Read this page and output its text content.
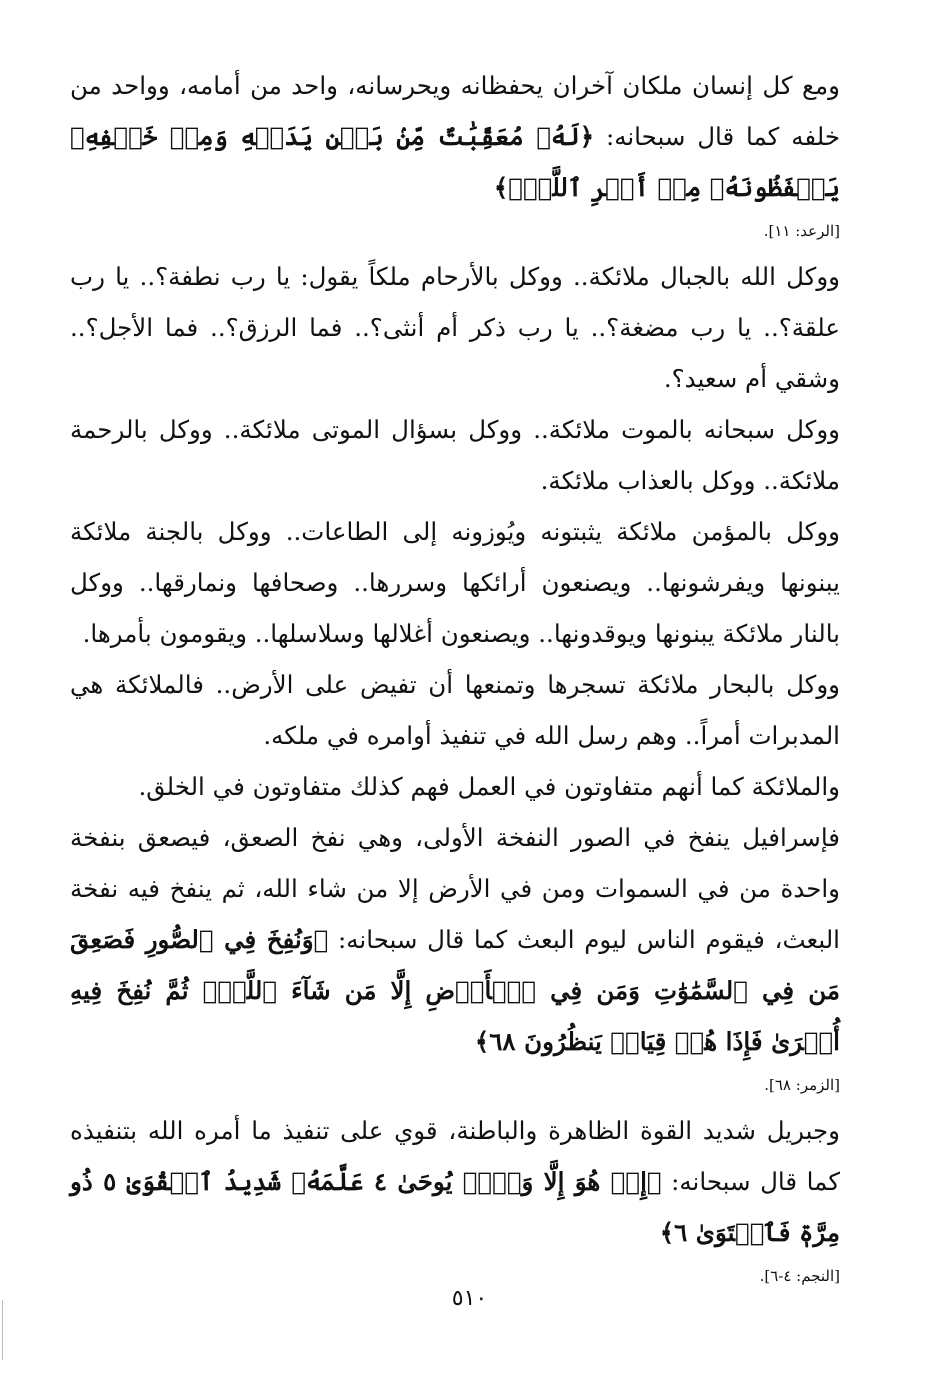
ومع كل إنسان ملكان آخران يحفظانه ويحرسانه، واحد من أمامه، وواحد من خلفه كما قال سبحانه: ﴿لَهُۥ مُعَقِّبَٰتٌ مِّنۢ بَيۡنِ يَدَيۡهِ وَمِنۡ خَلۡفِهِۦ يَحۡفَظُونَهُۥ مِنۡ أَمۡرِ ٱللَّهِۗ﴾

[الرعد: ١١].

ووكل الله بالجبال ملائكة.. ووكل بالأرحام ملكاً يقول: يا رب نطفة؟.. يا رب علقة؟.. يا رب مضغة؟.. يا رب ذكر أم أنثى؟.. فما الرزق؟.. فما الأجل؟.. وشقي أم سعيد؟.

ووكل سبحانه بالموت ملائكة.. ووكل بسؤال الموتى ملائكة.. ووكل بالرحمة ملائكة.. ووكل بالعذاب ملائكة.

ووكل بالمؤمن ملائكة يثبتونه ويُوزونه إلى الطاعات.. ووكل بالجنة ملائكة يبنونها ويفرشونها.. ويصنعون أرائكها وسررها.. وصحافها ونمارقها.. ووكل بالنار ملائكة يبنونها ويوقدونها.. ويصنعون أغلالها وسلاسلها.. ويقومون بأمرها.

ووكل بالبحار ملائكة تسجرها وتمنعها أن تفيض على الأرض.. فالملائكة هي المدبرات أمراً.. وهم رسل الله في تنفيذ أوامره في ملكه.

والملائكة كما أنهم متفاوتون في العمل فهم كذلك متفاوتون في الخلق.

فإسرافيل ينفخ في الصور النفخة الأولى، وهي نفخ الصعق، فيصعق بنفخة واحدة من في السموات ومن في الأرض إلا من شاء الله، ثم ينفخ فيه نفخة البعث، فيقوم الناس ليوم البعث كما قال سبحانه: ﴿وَنُفِخَ فِي ٱلصُّورِ فَصَعِقَ مَن فِي ٱلسَّمَٰوَٰتِ وَمَن فِي ٱلۡأَرۡضِ إِلَّا مَن شَآءَ ٱللَّهُۖ ثُمَّ نُفِخَ فِيهِ أُخۡرَىٰ فَإِذَا هُمۡ قِيَامٞ يَنظُرُونَ ٦٨﴾

[الزمر: ٦٨].

وجبريل شديد القوة الظاهرة والباطنة، قوي على تنفيذ ما أمره الله بتنفيذه كما قال سبحانه: ﴿إِنۡ هُوَ إِلَّا وَحۡيٞ يُوحَىٰ ٤ عَلَّمَهُۥ شَدِيدُ ٱلۡقُوَىٰ ٥ ذُو مِرَّةٖ فَٱسۡتَوَىٰ ٦﴾

[النجم: ٤-٦].
٥١٠
